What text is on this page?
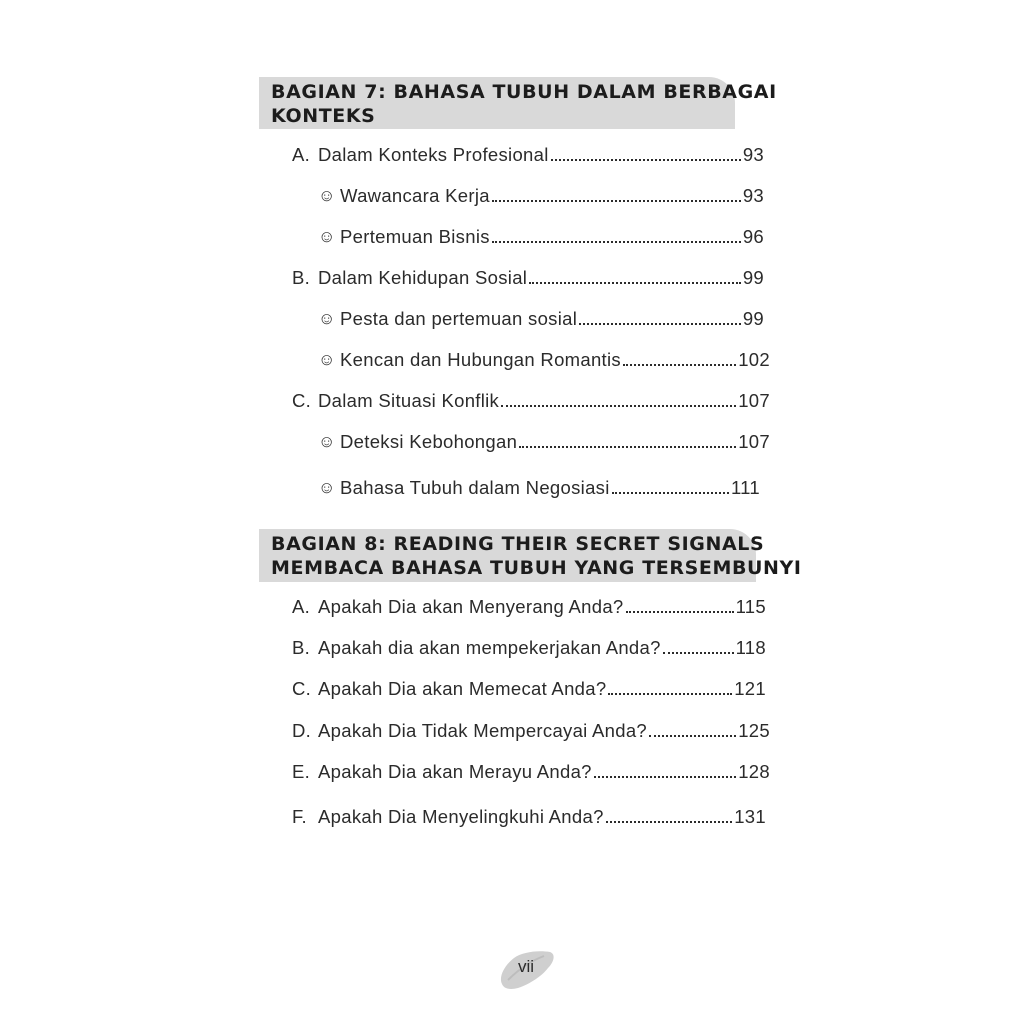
BAGIAN 7: BAHASA TUBUH DALAM BERBAGAI
KONTEKS
A. Dalam Konteks Profesional	93
☺ Wawancara Kerja	93
☺ Pertemuan Bisnis	96
B. Dalam Kehidupan Sosial	99
☺ Pesta dan pertemuan sosial	99
☺ Kencan dan Hubungan Romantis	102
C. Dalam Situasi Konflik	107
☺ Deteksi Kebohongan	107
☺ Bahasa Tubuh dalam Negosiasi	111
BAGIAN 8: READING THEIR SECRET SIGNALS
MEMBACA BAHASA TUBUH YANG TERSEMBUNYI
A. Apakah Dia akan Menyerang Anda?	115
B. Apakah dia akan mempekerjakan Anda?	118
C. Apakah Dia akan Memecat Anda?	121
D. Apakah Dia Tidak Mempercayai Anda?	125
E. Apakah Dia akan Merayu Anda?	128
F. Apakah Dia Menyelingkuhi Anda?	131
vii
